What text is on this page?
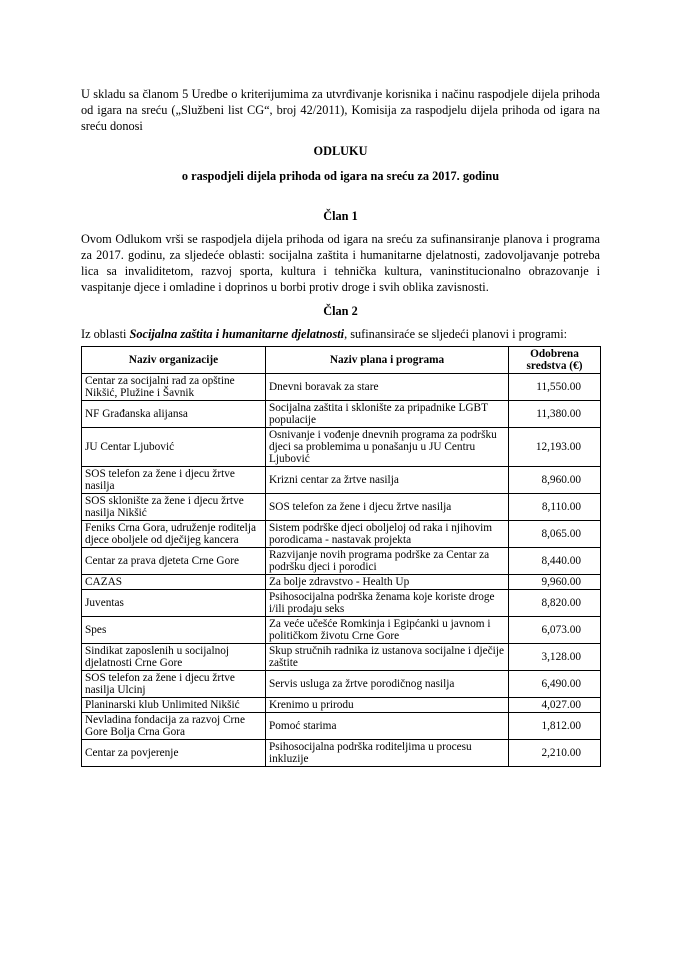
U skladu sa članom 5 Uredbe o kriterijumima za utvrđivanje korisnika i načinu raspodjele dijela prihoda od igara na sreću („Službeni list CG“, broj 42/2011), Komisija za raspodjelu dijela prihoda od igara na sreću donosi

ODLUKU

o raspodjeli dijela prihoda od igara na sreću za 2017. godinu

Član 1

Ovom Odlukom vrši se raspodjela dijela prihoda od igara na sreću za sufinansiranje planova i programa za 2017. godinu, za sljedeće oblasti: socijalna zaštita i humanitarne djelatnosti, zadovoljavanje potreba lica sa invaliditetom, razvoj sporta, kultura i tehnička kultura, vaninstitucionalno obrazovanje i vaspitanje djece i omladine i doprinos u borbi protiv droge i svih oblika zavisnosti.

Član 2

Iz oblasti Socijalna zaštita i humanitarne djelatnosti, sufinansiraće se sljedeći planovi i programi:

Naziv organizacije	Naziv plana i programa	Odobrena
sredstva (€)
Centar za socijalni rad za opštine Nikšić, Plužine i Šavnik	Dnevni boravak za stare	11,550.00
NF Građanska alijansa	Socijalna zaštita i sklonište za pripadnike LGBT populacije	11,380.00
JU Centar Ljubović	Osnivanje i vođenje dnevnih programa za podršku djeci sa problemima u ponašanju u JU Centru Ljubović	12,193.00
SOS telefon za žene i djecu žrtve nasilja	Krizni centar za žrtve nasilja	8,960.00
SOS sklonište za žene i djecu žrtve nasilja Nikšić	SOS telefon za žene i djecu žrtve nasilja	8,110.00
Feniks Crna Gora, udruženje roditelja djece oboljele od dječijeg kancera	Sistem podrške djeci oboljeloj od raka i njihovim porodicama - nastavak projekta	8,065.00
Centar za prava djeteta Crne Gore	Razvijanje novih programa podrške za Centar za podršku djeci i porodici	8,440.00
CAZAS	Za bolje zdravstvo - Health Up	9,960.00
Juventas	Psihosocijalna podrška ženama koje koriste droge i/ili prodaju seks	8,820.00
Spes	Za veće učešće Romkinja i Egipćanki u javnom i političkom životu Crne Gore	6,073.00
Sindikat zaposlenih u socijalnoj djelatnosti Crne Gore	Skup stručnih radnika iz ustanova socijalne i dječije zaštite	3,128.00
SOS telefon za žene i djecu žrtve nasilja Ulcinj	Servis usluga za žrtve porodičnog nasilja	6,490.00
Planinarski klub Unlimited Nikšić	Krenimo u prirodu	4,027.00
Nevladina fondacija za razvoj Crne Gore Bolja Crna Gora	Pomoć starima	1,812.00
Centar za povjerenje	Psihosocijalna podrška roditeljima u procesu inkluzije	2,210.00
